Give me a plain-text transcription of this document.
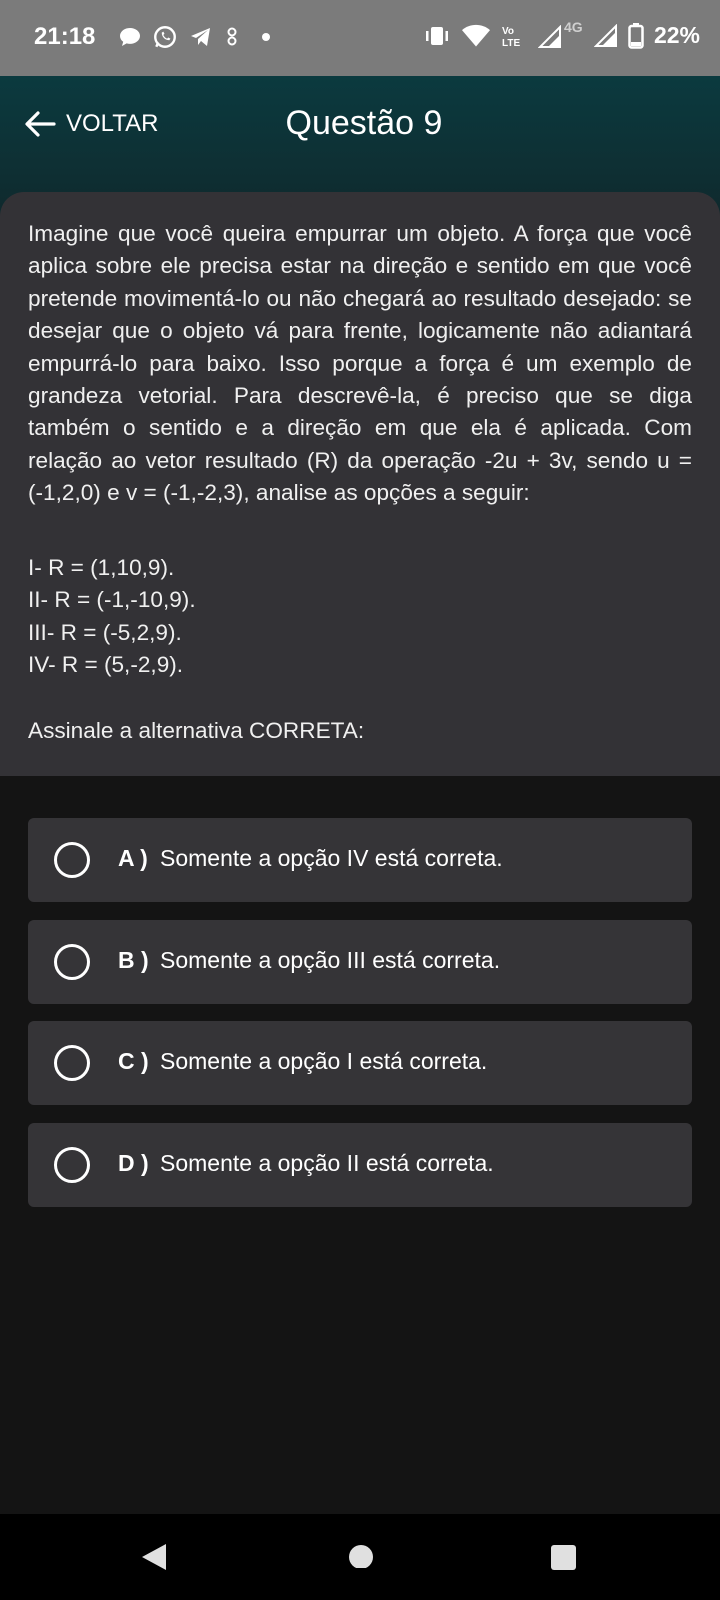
21:18	Vo
LTE
4G	22%
VOLTAR	Questão 9

Imagine que você queira empurrar um objeto. A força que você aplica sobre ele precisa estar na direção e sentido em que você pretende movimentá-lo ou não chegará ao resultado desejado: se desejar que o objeto vá para frente, logicamente não adiantará empurrá-lo para baixo. Isso porque a força é um exemplo de grandeza vetorial. Para descrevê-la, é preciso que se diga também o sentido e a direção em que ela é aplicada. Com relação ao vetor resultado (R) da operação -2u + 3v, sendo u = (-1,2,0) e v = (-1,-2,3), analise as opções a seguir:

I- R = (1,10,9).
II- R = (-1,-10,9).
III- R = (-5,2,9).
IV- R = (5,-2,9).
Assinale a alternativa CORRETA:
A ) Somente a opção IV está correta.
B ) Somente a opção III está correta.
C ) Somente a opção I está correta.
D ) Somente a opção II está correta.
